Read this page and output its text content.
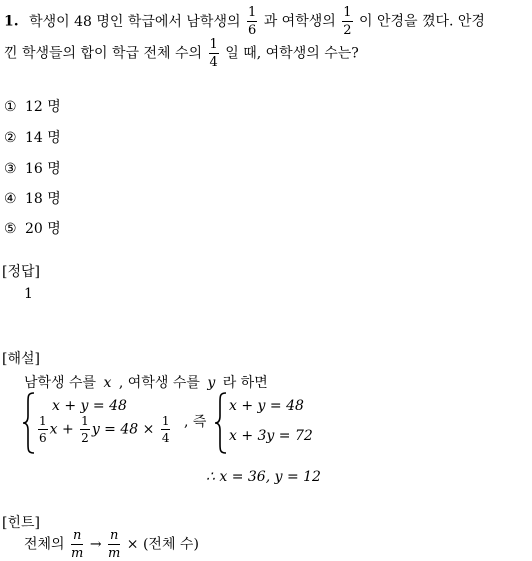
1. 학생이 48 명인 학급에서 남학생의 $\frac{1}{6}$ 과 여학생의 $\frac{1}{2}$ 이 안경을 꼈다. 안경
낀 학생들의 합이 학급 전체 수의 $\frac{1}{4}$ 일 때, 여학생의 수는?
① 12 명
② 14 명
③ 16 명
④ 18 명
⑤ 20 명
[정답]
1
[해설]
남학생 수를 x , 여학생 수를 y 라 하면
x + y = 48
$\frac{1}{6}$ $x + \frac{1}{2}$ $y = 48 \times \frac{1}{4}$ , 즉
x + y = 48
x + 3y = 72
∴ x = 36, y = 12
[힌트]
전체의 $\frac{n}{m} \to \frac{n}{m}$ × (전체 수)
